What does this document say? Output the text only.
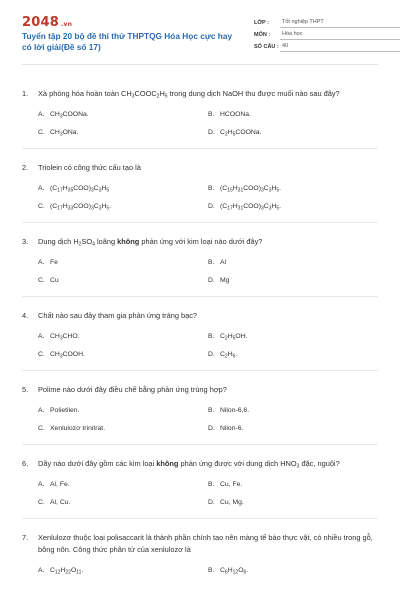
2048 .vn
Tuyển tập 20 bộ đề thi thử THPTQG Hóa Học cực hay có lời giải(Đề số 17)
LỚP :	Tốt nghiệp THPT
MÔN :	Hóa học
SỐ CÂU : 40
1.	Xà phòng hóa hoàn toàn $CH_3COOC_2H_5$ trong dung dịch NaOH thu được muối nào sau đây?
A. $CH_3COONa$.	B. HCOONa.
C. $CH_3ONa$.	D. $C_2H_5COONa$.
2.	Triolein có công thức cấu tạo là
A. $(C_{17}H_{35}COO)_3C_3H_5$	B. $(C_{15}H_{31}COO)_3C_3H_5$.
C. $(C_{17}H_{33}COO)_3C_3H_5$.	D. $(C_{17}H_{31}COO)_3C_3H_5$.
3.	Dung dịch $H_2SO_4$ loãng không phản ứng với kim loại nào dưới đây?
A. Fe	B. Al
C. Cu	D. Mg
4.	Chất nào sau đây tham gia phản ứng tráng bạc?
A. $CH_3CHO$.	B. $C_2H_5OH$.
C. $CH_3COOH$.	D. $C_2H_6$.
5.	Polime nào dưới đây điều chế bằng phản ứng trùng hợp?
A. Polietilen.	B. Nilon-6,6.
C. Xenlulozơ trinitrat.	D. Nilon-6.
6.	Dãy nào dưới đây gồm các kim loại không phản ứng được với dung dịch $HNO_3$ đặc, nguội?
A. Al, Fe.	B. Cu, Fe.
C. Al, Cu.	D. Cu, Mg.
7.	Xenlulozơ thuộc loại polisaccarit là thành phần chính tạo nên màng tế bào thực vật, có nhiều trong gỗ, bông nõn. Công thức phân tử của xenlulozơ là
A. $C_{12}H_{22}O_{11}$.	B. $C_6H_{12}O_6$.
